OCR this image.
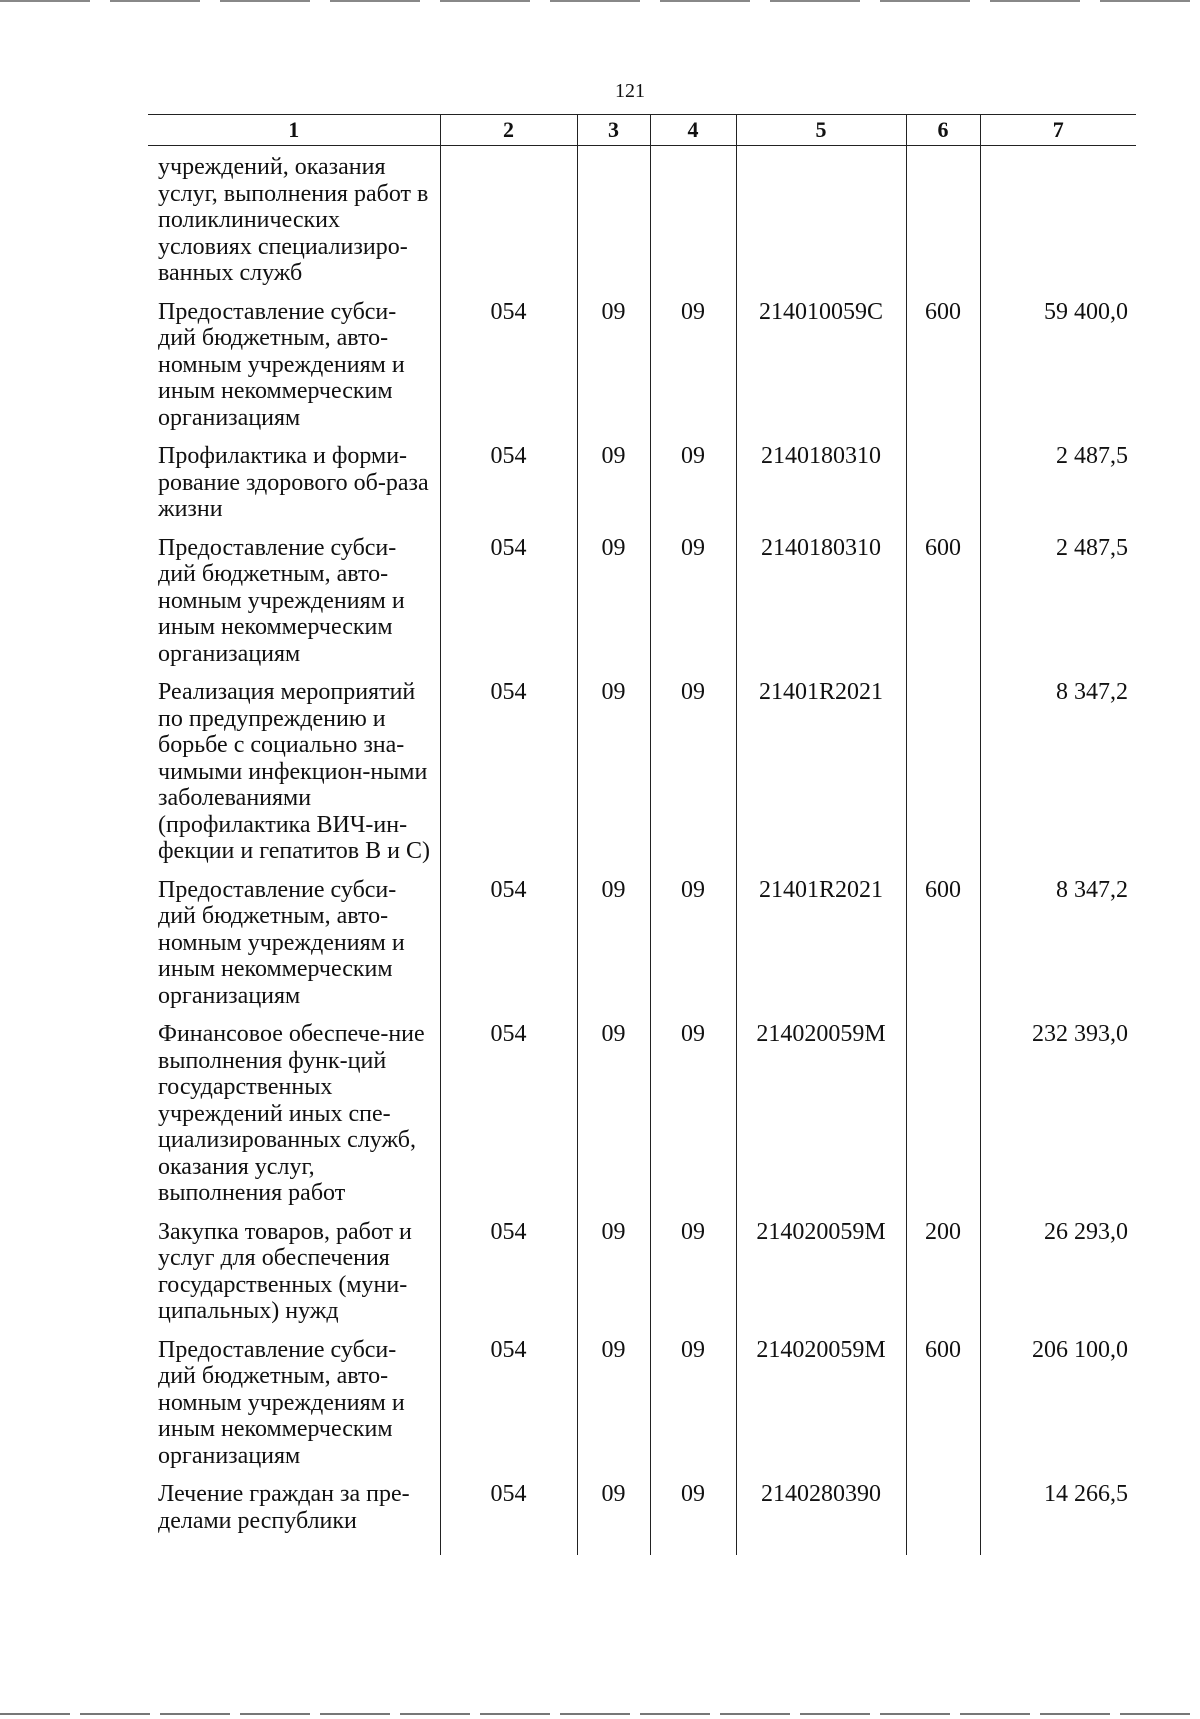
121
1	2	3	4	5	6	7
учреждений, оказания услуг, выполнения работ в поликлинических условиях специализиро-ванных служб						
Предоставление субси-дий бюджетным, авто-номным учреждениям и иным некоммерческим организациям	054	09	09	214010059С	600	59 400,0
Профилактика и форми-рование здорового об-раза жизни	054	09	09	2140180310		2 487,5
Предоставление субси-дий бюджетным, авто-номным учреждениям и иным некоммерческим организациям	054	09	09	2140180310	600	2 487,5
Реализация мероприятий по предупреждению и борьбе с социально зна-чимыми инфекцион-ными заболеваниями (профилактика ВИЧ-ин-фекции и гепатитов В и С)	054	09	09	21401R2021		8 347,2
Предоставление субси-дий бюджетным, авто-номным учреждениям и иным некоммерческим организациям	054	09	09	21401R2021	600	8 347,2
Финансовое обеспече-ние выполнения функ-ций государственных учреждений иных спе-циализированных служб, оказания услуг, выполнения работ	054	09	09	214020059М		232 393,0
Закупка товаров, работ и услуг для обеспечения государственных (муни-ципальных) нужд	054	09	09	214020059М	200	26 293,0
Предоставление субси-дий бюджетным, авто-номным учреждениям и иным некоммерческим организациям	054	09	09	214020059М	600	206 100,0
Лечение граждан за пре-делами республики	054	09	09	2140280390		14 266,5
